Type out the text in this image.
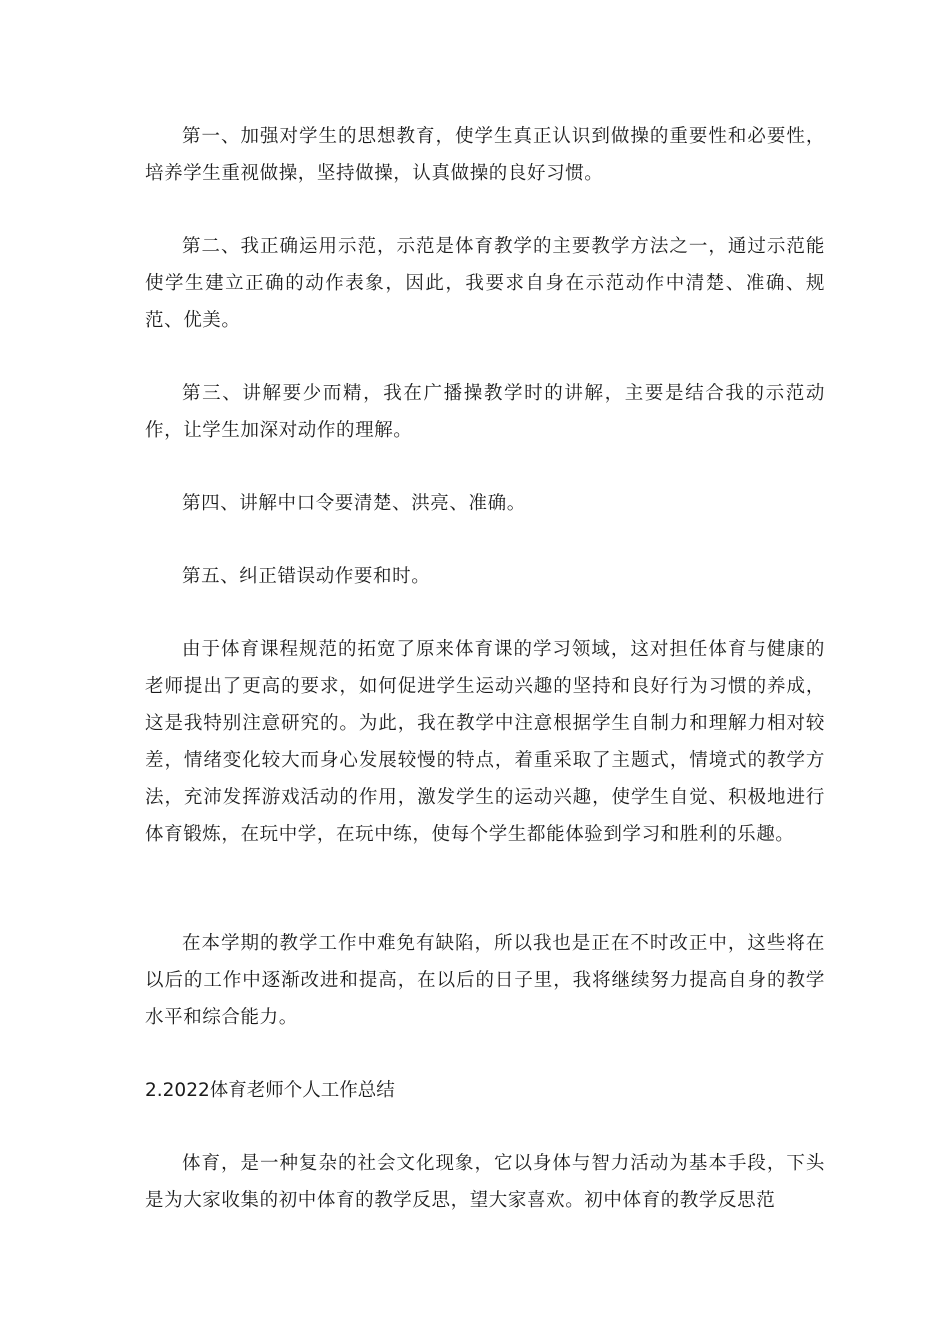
第一、加强对学生的思想教育，使学生真正认识到做操的重要性和必要性，培养学生重视做操，坚持做操，认真做操的良好习惯。

第二、我正确运用示范，示范是体育教学的主要教学方法之一，通过示范能使学生建立正确的动作表象，因此，我要求自身在示范动作中清楚、准确、规范、优美。

第三、讲解要少而精，我在广播操教学时的讲解，主要是结合我的示范动作，让学生加深对动作的理解。

第四、讲解中口令要清楚、洪亮、准确。

第五、纠正错误动作要和时。

由于体育课程规范的拓宽了原来体育课的学习领域，这对担任体育与健康的老师提出了更高的要求，如何促进学生运动兴趣的坚持和良好行为习惯的养成，这是我特别注意研究的。为此，我在教学中注意根据学生自制力和理解力相对较差，情绪变化较大而身心发展较慢的特点，着重采取了主题式，情境式的教学方法，充沛发挥游戏活动的作用，激发学生的运动兴趣，使学生自觉、积极地进行体育锻炼，在玩中学，在玩中练，使每个学生都能体验到学习和胜利的乐趣。

在本学期的教学工作中难免有缺陷，所以我也是正在不时改正中，这些将在以后的工作中逐渐改进和提高，在以后的日子里，我将继续努力提高自身的教学水平和综合能力。

2.2022体育老师个人工作总结

体育，是一种复杂的社会文化现象，它以身体与智力活动为基本手段，下头是为大家收集的初中体育的教学反思，望大家喜欢。初中体育的教学反思范
